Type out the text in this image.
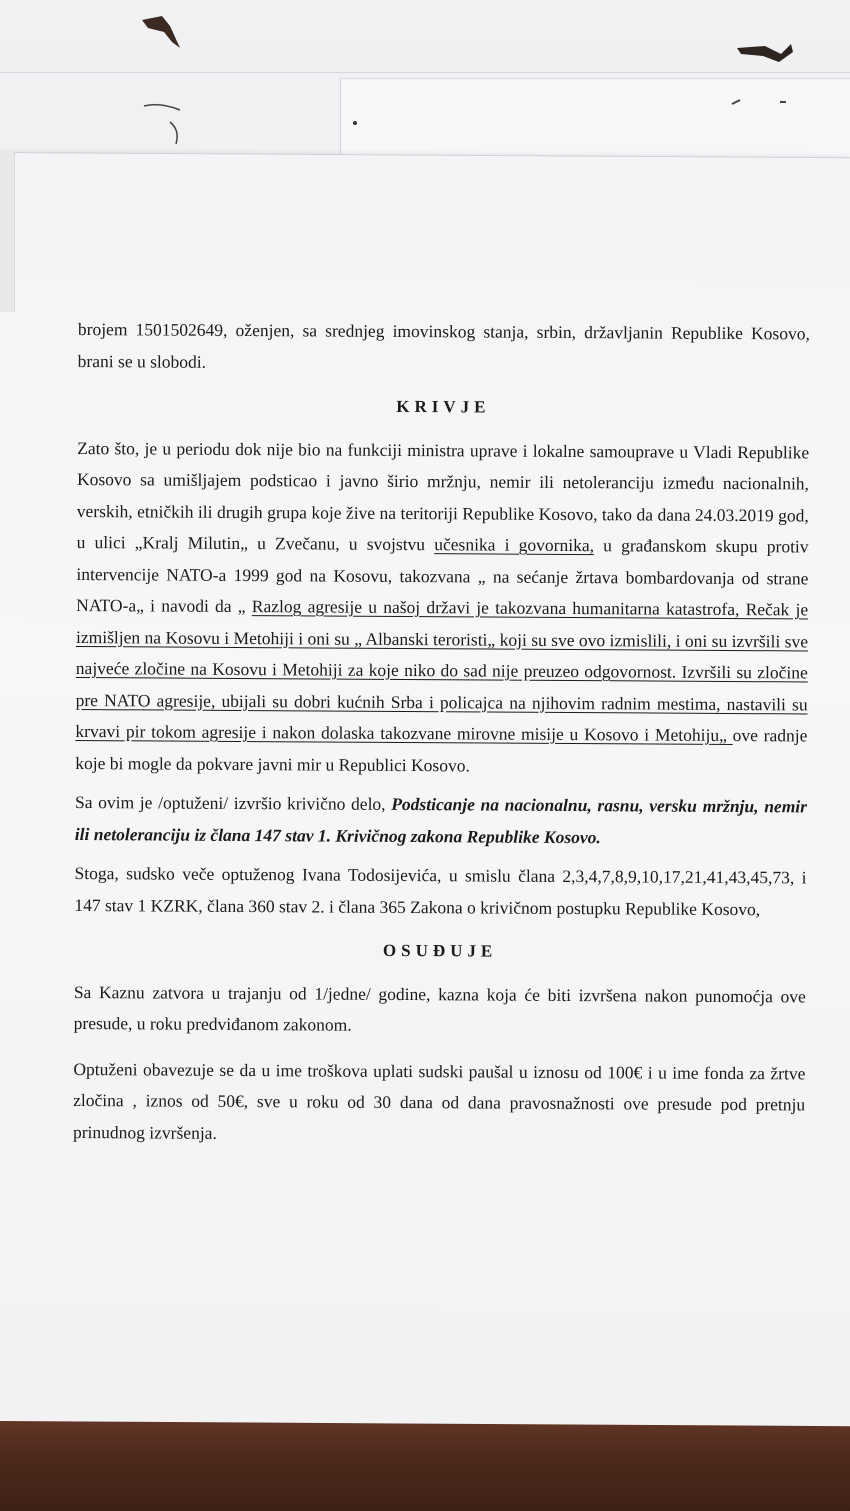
brojem 1501502649, oženjen, sa srednjeg imovinskog stanja, srbin, državljanin Republike Kosovo, brani se u slobodi.

KRIVJE

Zato što, je u periodu dok nije bio na funkciji ministra uprave i lokalne samouprave u Vladi Republike Kosovo sa umišljajem podsticao i javno širio mržnju, nemir ili netoleranciju između nacionalnih, verskih, etničkih ili drugih grupa koje žive na teritoriji Republike Kosovo, tako da dana 24.03.2019 god, u ulici „Kralj Milutin„ u Zvečanu, u svojstvu učesnika i govornika, u građanskom skupu protiv intervencije NATO-a 1999 god na Kosovu, takozvana „ na sećanje žrtava bombardovanja od strane NATO-a„ i navodi da „ Razlog agresije u našoj državi je takozvana humanitarna katastrofa, Rečak je izmišljen na Kosovu i Metohiji i oni su „ Albanski teroristi„ koji su sve ovo izmislili, i oni su izvršili sve najveće zločine na Kosovu i Metohiji za koje niko do sad nije preuzeo odgovornost. Izvršili su zločine pre NATO agresije, ubijali su dobri kućnih Srba i policajca na njihovim radnim mestima, nastavili su krvavi pir tokom agresije i nakon dolaska takozvane mirovne misije u Kosovo i Metohiju„ ove radnje koje bi mogle da pokvare javni mir u Republici Kosovo.

Sa ovim je /optuženi/ izvršio krivično delo, Podsticanje na nacionalnu, rasnu, versku mržnju, nemir ili netoleranciju iz člana 147 stav 1. Krivičnog zakona Republike Kosovo.

Stoga, sudsko veče optuženog Ivana Todosijevića, u smislu člana 2,3,4,7,8,9,10,17,21,41,43,45,73, i 147 stav 1 KZRK, člana 360 stav 2. i člana 365 Zakona o krivičnom postupku Republike Kosovo,

OSUĐUJE

Sa Kaznu zatvora u trajanju od 1/jedne/ godine, kazna koja će biti izvršena nakon punomoćja ove presude, u roku predviđanom zakonom.

Optuženi obavezuje se da u ime troškova uplati sudski paušal u iznosu od 100€ i u ime fonda za žrtve zločina , iznos od 50€, sve u roku od 30 dana od dana pravosnažnosti ove presude pod pretnju prinudnog izvršenja.
